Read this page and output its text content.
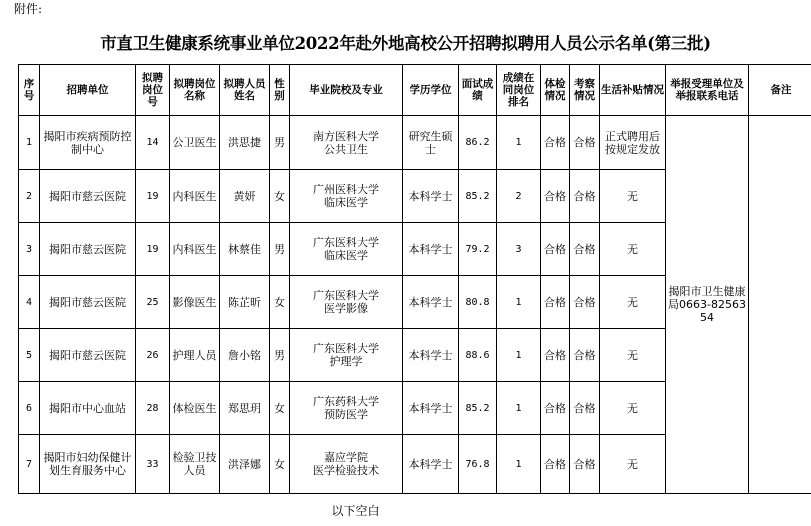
附件:
市直卫生健康系统事业单位2022年赴外地高校公开招聘拟聘用人员公示名单(第三批)
序号	招聘单位	拟聘岗位号	拟聘岗位名称	拟聘人员姓名	性别	毕业院校及专业	学历学位	面试成绩	成绩在同岗位排名	体检情况	考察情况	生活补贴情况	举报受理单位及举报联系电话	备注
1	揭阳市疾病预防控制中心	14	公卫医生	洪思捷	男	南方医科大学
公共卫生	研究生硕士	86.2	1	合格	合格	正式聘用后按规定发放	揭阳市卫生健康局0663-8256354	
2	揭阳市慈云医院	19	内科医生	黄妍	女	广州医科大学
临床医学	本科学士	85.2	2	合格	合格	无		
3	揭阳市慈云医院	19	内科医生	林蔡佳	男	广东医科大学
临床医学	本科学士	79.2	3	合格	合格	无		
4	揭阳市慈云医院	25	影像医生	陈芷昕	女	广东医科大学
医学影像	本科学士	80.8	1	合格	合格	无		
5	揭阳市慈云医院	26	护理人员	詹小铭	男	广东医科大学
护理学	本科学士	88.6	1	合格	合格	无		
6	揭阳市中心血站	28	体检医生	郑思玥	女	广东药科大学
预防医学	本科学士	85.2	1	合格	合格	无		
7	揭阳市妇幼保健计划生育服务中心	33	检验卫技人员	洪泽娜	女	嘉应学院
医学检验技术	本科学士	76.8	1	合格	合格	无		
以下空白
